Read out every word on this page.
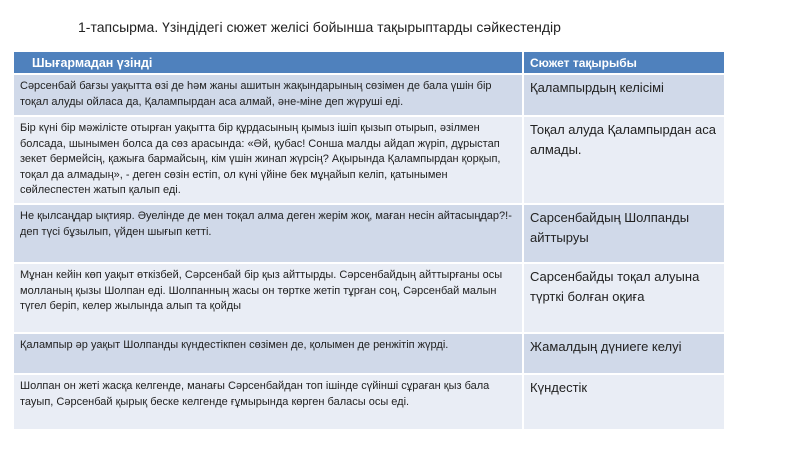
1-тапсырма. Үзіндідегі сюжет желісі бойынша тақырыптарды сәйкестендір
Шығармадан үзінді	Сюжет тақырыбы
Сәрсенбай бағзы уақытта өзі де һәм жаны ашитын жақындарының сөзімен де бала үшін бір тоқал алуды ойласа да, Қалампырдан аса алмай, әне-міне деп жүруші еді.	Қалампырдың келісімі
Бір күні бір мәжілісте отырған уақытта бір құрдасының қымыз ішіп қызып отырып, әзілмен болсада, шынымен болса да сөз арасында: «Әй, қубас! Сонша малды айдап жүріп, дұрыстап зекет бермейсің, қажыға бармайсың, кім үшін жинап жүрсің? Ақырында Қалампырдан қорқып, тоқал да алмадың», - деген сөзін естіп, ол күні үйіне бек мұңайып келіп, қатынымен сөйлеспестен жатып қалып еді.	Тоқал алуда Қалампырдан аса алмады.
Не қылсаңдар ықтияр. Әуелінде де мен тоқал алма деген жерім жоқ, маған несін айтасыңдар?!-деп түсі бұзылып, үйден шығып кетті.	Сарсенбайдың Шолпанды айттыруы
Мұнан кейін көп уақыт өткізбей, Сәрсенбай бір қыз айттырды. Сәрсенбайдың айттырғаны осы молланың қызы Шолпан еді. Шолпанның жасы он төртке жетіп тұрған соң, Сәрсенбай малын түгел беріп, келер жылында алып та қойды	Сарсенбайды тоқал алуына түрткі болған оқиға
Қалампыр әр уақыт Шолпанды күндестікпен сөзімен де, қолымен де ренжітіп жүрді.	Жамалдың дүниеге келуі
Шолпан он жеті жасқа келгенде, манағы Сәрсенбайдан топ ішінде сүйінші сұраған қыз бала тауып, Сәрсенбай қырық беске келгенде ғұмырында көрген баласы осы еді.	Күндестік
